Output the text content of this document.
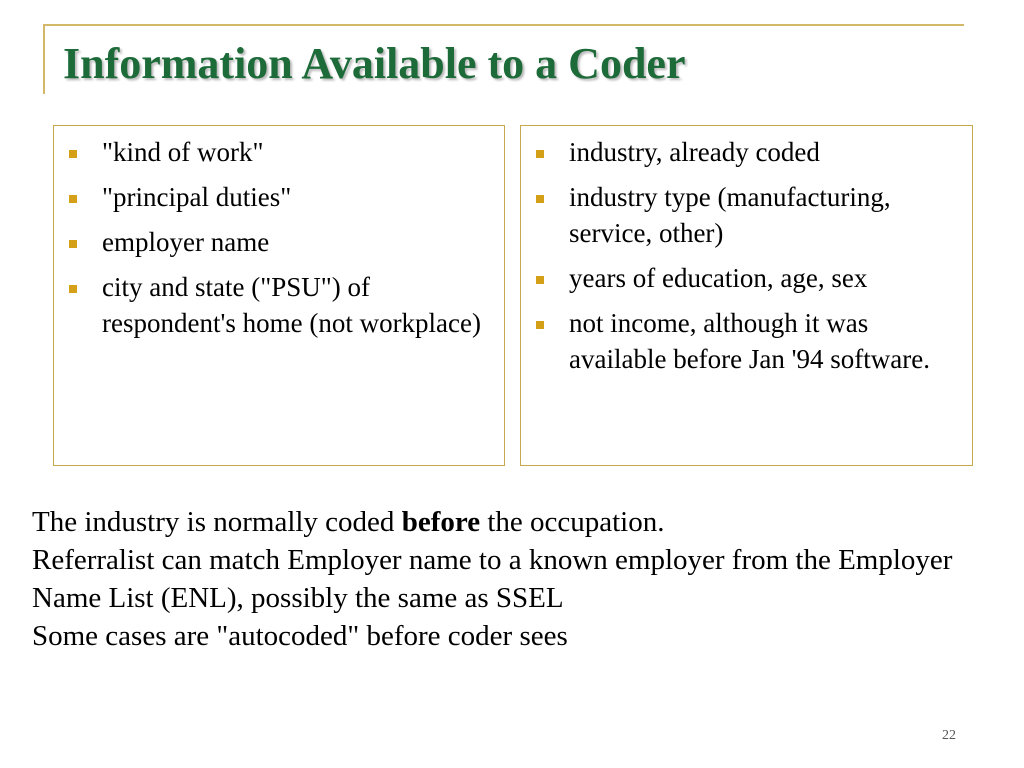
Information Available to a Coder
"kind of work"
"principal duties"
employer name
city and state ("PSU") of respondent's home (not workplace)
industry, already coded
industry type (manufacturing, service, other)
years of education, age, sex
not income, although it was available before Jan '94 software.

The industry is normally coded before the occupation.

Referralist can match Employer name to a known employer from the Employer Name List (ENL), possibly the same as SSEL

Some cases are "autocoded" before coder sees

22
